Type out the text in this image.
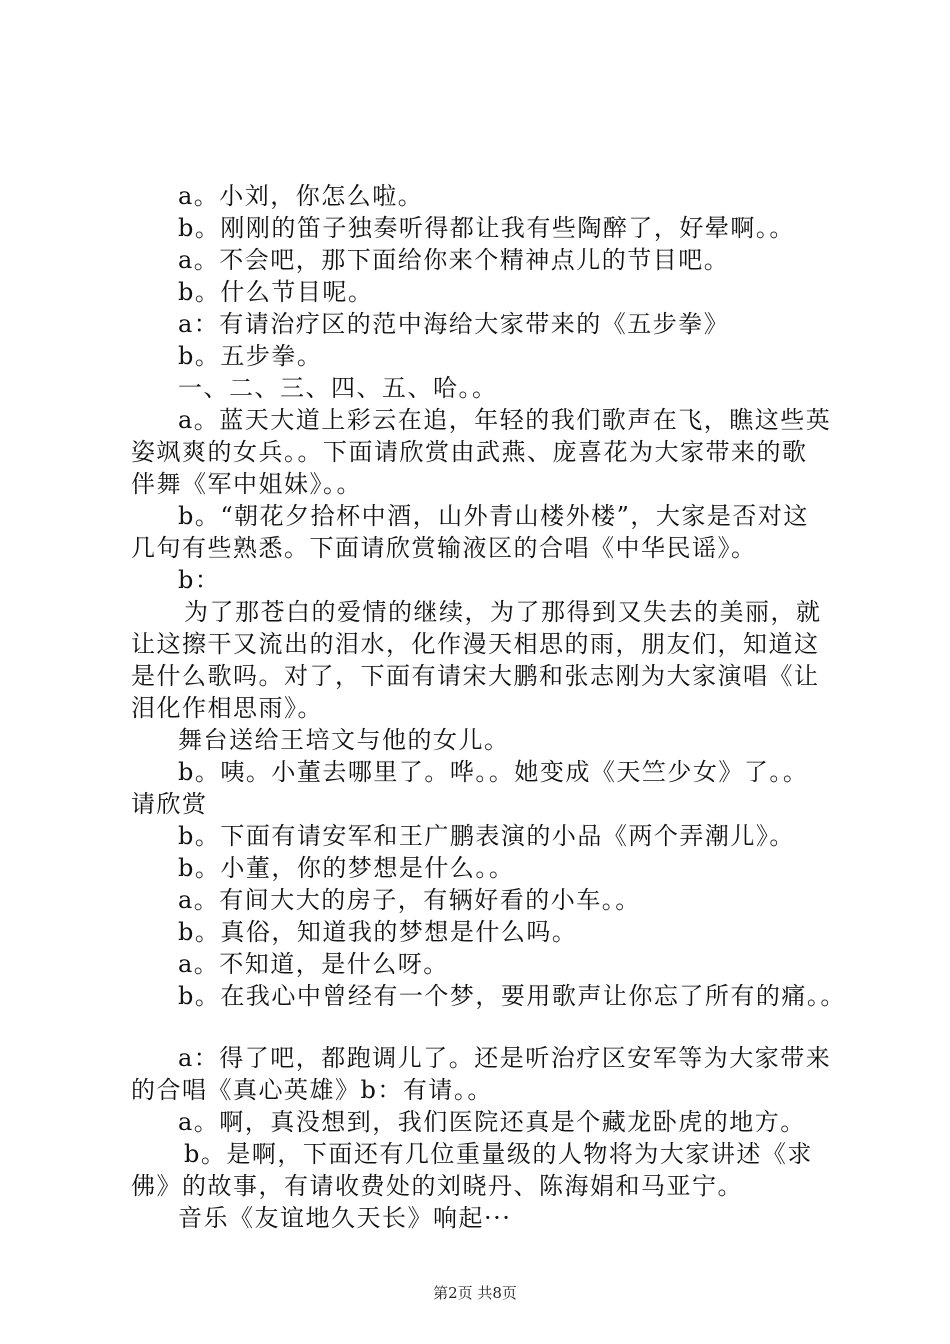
a。小刘，你怎么啦。
b。刚刚的笛子独奏听得都让我有些陶醉了，好晕啊。。
a。不会吧，那下面给你来个精神点儿的节目吧。
b。什么节目呢。
a：有请治疗区的范中海给大家带来的《五步拳》
b。五步拳。
一、二、三、四、五、哈。。
a。蓝天大道上彩云在追，年轻的我们歌声在飞，瞧这些英
姿飒爽的女兵。。下面请欣赏由武燕、庞喜花为大家带来的歌
伴舞《军中姐妹》。。
b。“朝花夕拾杯中酒，山外青山楼外楼”，大家是否对这
几句有些熟悉。下面请欣赏输液区的合唱《中华民谣》。
b：
为了那苍白的爱情的继续，为了那得到又失去的美丽，就
让这擦干又流出的泪水，化作漫天相思的雨，朋友们，知道这
是什么歌吗。对了，下面有请宋大鹏和张志刚为大家演唱《让
泪化作相思雨》。
舞台送给王培文与他的女儿。
b。咦。小董去哪里了。哗。。她变成《天竺少女》了。。
请欣赏
b。下面有请安军和王广鹏表演的小品《两个弄潮儿》。
b。小董，你的梦想是什么。。
a。有间大大的房子，有辆好看的小车。。
b。真俗，知道我的梦想是什么吗。
a。不知道，是什么呀。
b。在我心中曾经有一个梦，要用歌声让你忘了所有的痛。。
a：得了吧，都跑调儿了。还是听治疗区安军等为大家带来
的合唱《真心英雄》b：有请。。
a。啊，真没想到，我们医院还真是个藏龙卧虎的地方。
b。是啊，下面还有几位重量级的人物将为大家讲述《求
佛》的故事，有请收费处的刘晓丹、陈海娟和马亚宁。
音乐《友谊地久天长》响起···
第2页 共8页
